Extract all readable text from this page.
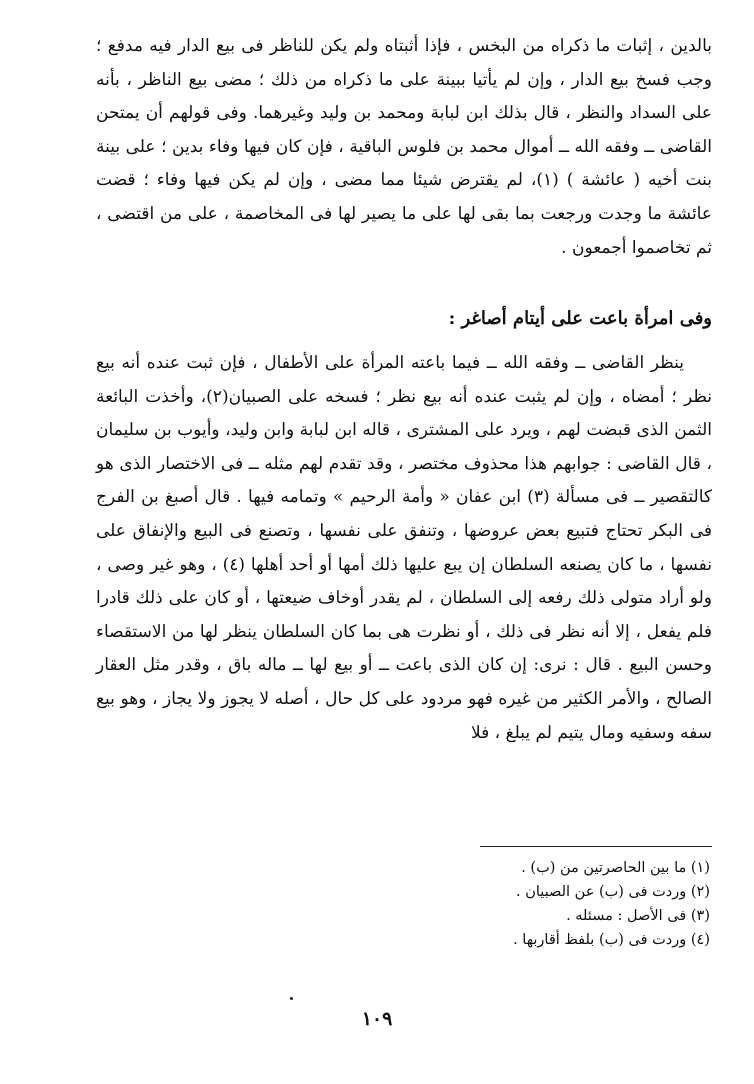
بالدين ، إثبات ما ذكراه من البخس ، فإذا أثبتاه ولم يكن للناظر فى بيع الدار فيه مدفع ؛ وجب فسخ بيع الدار ، وإن لم يأتيا ببينة على ما ذكراه من ذلك ؛ مضى بيع الناظر ، بأنه على السداد والنظر ، قال بذلك ابن لبابة ومحمد بن وليد وغيرهما. وفى قولهم أن يمتحن القاضى ــ وفقه الله ــ أموال محمد بن فلوس الباقية ، فإن كان فيها وفاء بدين ؛ على بينة بنت أخيه ( عائشة ) (١)، لم يقترض شيئا مما مضى ، وإن لم يكن فيها وفاء ؛ قضت عائشة ما وجدت ورجعت بما بقى لها على ما يصير لها فى المخاصمة ، على من اقتضى ، ثم تخاصموا أجمعون .

وفى امرأة باعت على أيتام أصاغر :

ينظر القاضى ــ وفقه الله ــ فيما باعته المرأة على الأطفال ، فإن ثبت عنده أنه بيع نظر ؛ أمضاه ، وإن لم يثبت عنده أنه بيع نظر ؛ فسخه على الصبيان(٢)، وأخذت البائعة الثمن الذى قبضت لهم ، ويرد على المشترى ، قاله ابن لبابة وابن وليد، وأيوب بن سليمان ، قال القاضى : جوابهم هذا محذوف مختصر ، وقد تقدم لهم مثله ــ فى الاختصار الذى هو كالتقصير ــ فى مسألة (٣) ابن عفان « وأمة الرحيم » وتمامه فيها . قال أصبغ بن الفرج فى البكر تحتاج فتبيع بعض عروضها ، وتنفق على نفسها ، وتصنع فى البيع والإنفاق على نفسها ، ما كان يصنعه السلطان إن يبع عليها ذلك أمها أو أحد أهلها (٤) ، وهو غير وصى ، ولو أراد متولى ذلك رفعه إلى السلطان ، لم يقدر أوخاف ضيعتها ، أو كان على ذلك قادرا فلم يفعل ، إلا أنه نظر فى ذلك ، أو نظرت هى بما كان السلطان ينظر لها من الاستقصاء وحسن البيع . قال : نرى: إن كان الذى باعت ــ أو بيع لها ــ ماله باق ، وقدر مثل العقار الصالح ، والأمر الكثير من غيره فهو مردود على كل حال ، أصله لا يجوز ولا يجاز ، وهو بيع سفه وسفيه ومال يتيم لم يبلغ ، فلا

(١) ما بين الحاصرتين من (ب) .
(٢) وردت فى (ب) عن الصبيان .
(٣) فى الأصل : مسئله .
(٤) وردت فى (ب) بلفظ أقاربها .
١٠٩
